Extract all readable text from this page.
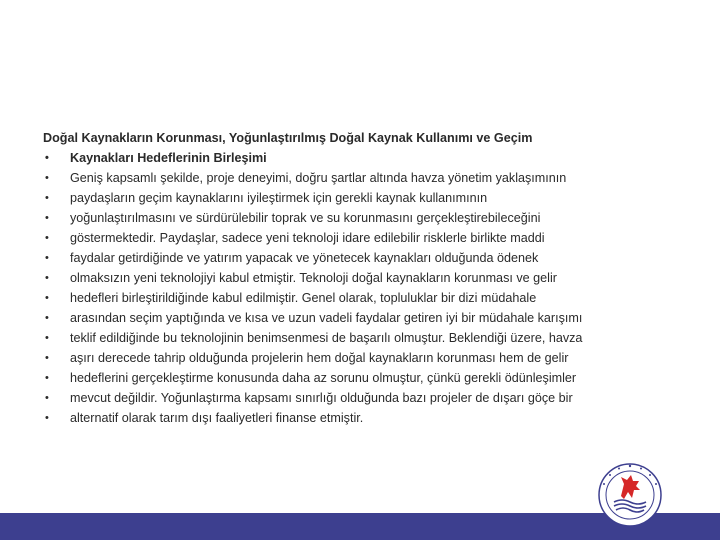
Doğal Kaynakların Korunması, Yoğunlaştırılmış Doğal Kaynak Kullanımı ve Geçim
• Kaynakları Hedeflerinin Birleşimi
• Geniş kapsamlı şekilde, proje deneyimi, doğru şartlar altında havza yönetim yaklaşımının
• paydaşların geçim kaynaklarını iyileştirmek için gerekli kaynak kullanımının
• yoğunlaştırılmasını ve sürdürülebilir toprak ve su korunmasını gerçekleştirebileceğini
• göstermektedir. Paydaşlar, sadece yeni teknoloji idare edilebilir risklerle birlikte maddi
• faydalar getirdiğinde ve yatırım yapacak ve yönetecek kaynakları olduğunda ödenek
• olmaksızın yeni teknolojiyi kabul etmiştir. Teknoloji doğal kaynakların korunması ve gelir
• hedefleri birleştirildiğinde kabul edilmiştir. Genel olarak, topluluklar bir dizi müdahale
• arasından seçim yaptığında ve kısa ve uzun vadeli faydalar getiren iyi bir müdahale karışımı
• teklif edildiğinde bu teknolojinin benimsenmesi de başarılı olmuştur. Beklendiği üzere, havza
• aşırı derecede tahrip olduğunda projelerin hem doğal kaynakların korunması hem de gelir
• hedeflerini gerçekleştirme konusunda daha az sorunu olmuştur, çünkü gerekli ödünleşimler
• mevcut değildir. Yoğunlaştırma kapsamı sınırlığı olduğunda bazı projeler de dışarı göçe bir
• alternatif olarak tarım dışı faaliyetleri finanse etmiştir.
